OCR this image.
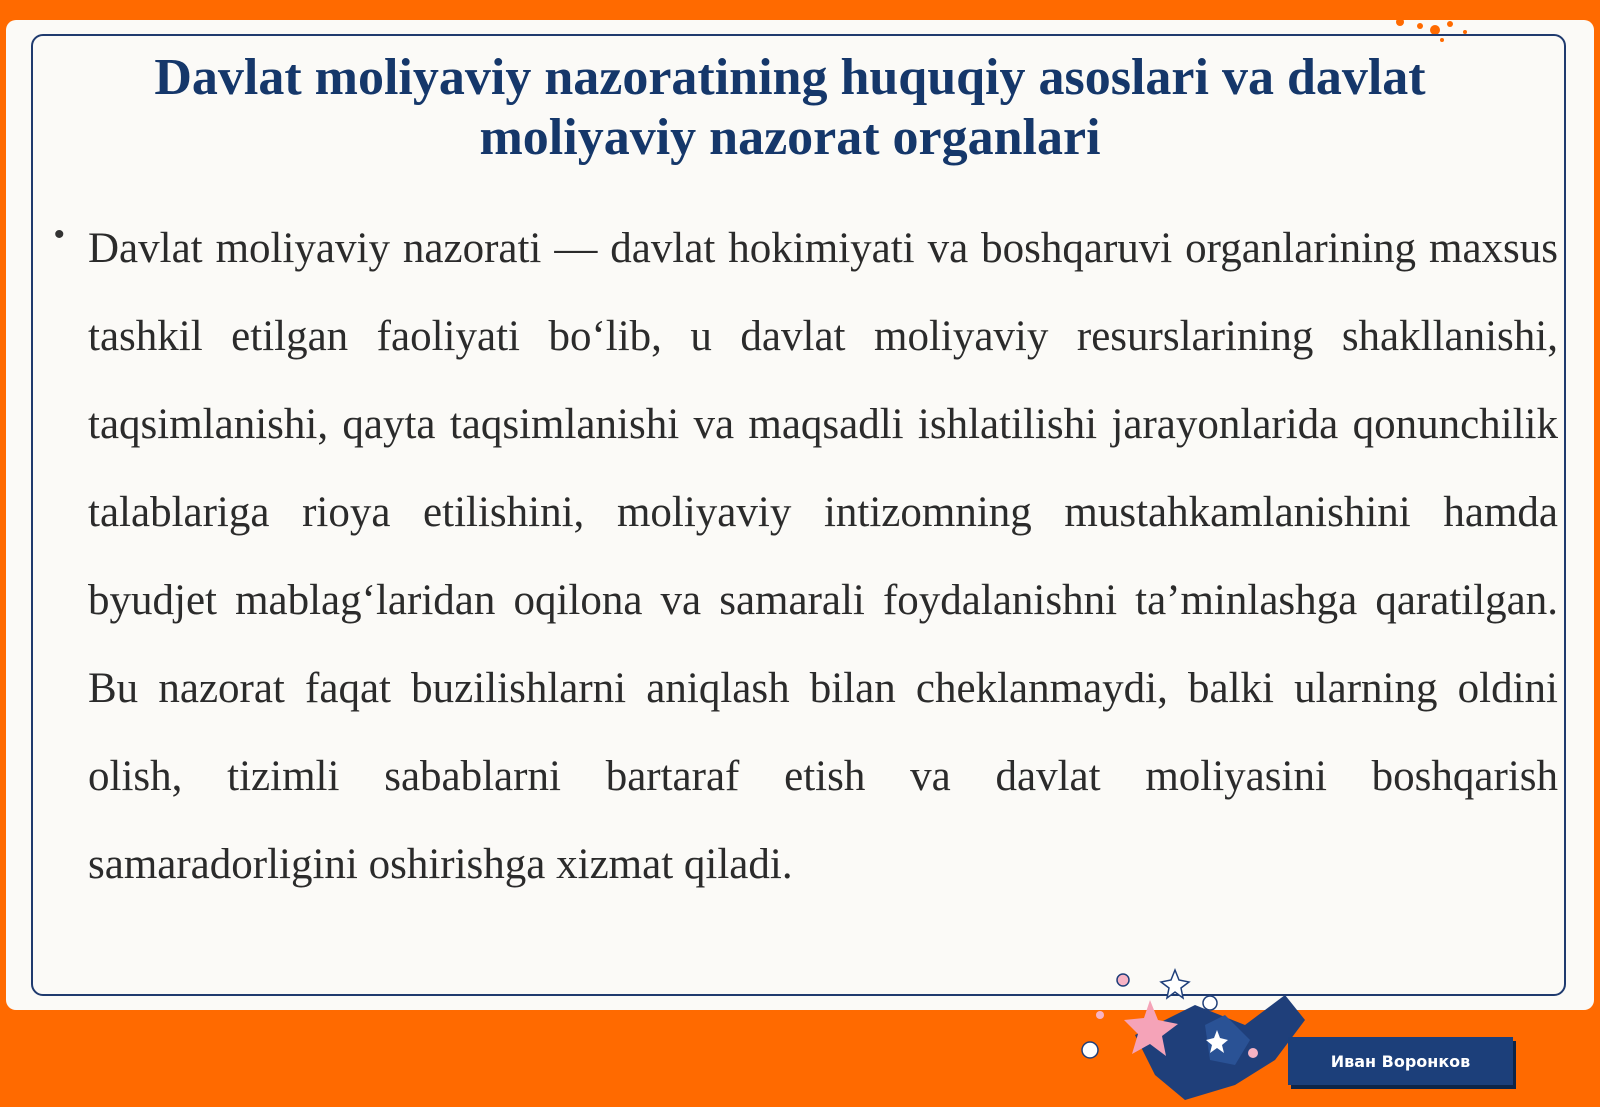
Davlat moliyaviy nazoratining huquqiy asoslari va davlat moliyaviy nazorat organlari
• Davlat moliyaviy nazorati — davlat hokimiyati va boshqaruvi organlarining maxsus tashkil etilgan faoliyati bo‘lib, u davlat moliyaviy resurslarining shakllanishi, taqsimlanishi, qayta taqsimlanishi va maqsadli ishlatilishi jarayonlarida qonunchilik talablariga rioya etilishini, moliyaviy intizomning mustahkamlanishini hamda byudjet mablag‘laridan oqilona va samarali foydalanishni ta’minlashga qaratilgan. Bu nazorat faqat buzilishlarni aniqlash bilan cheklanmaydi, balki ularning oldini olish, tizimli sabablarni bartaraf etish va davlat moliyasini boshqarish samaradorligini oshirishga xizmat qiladi.

Иван Воронков
